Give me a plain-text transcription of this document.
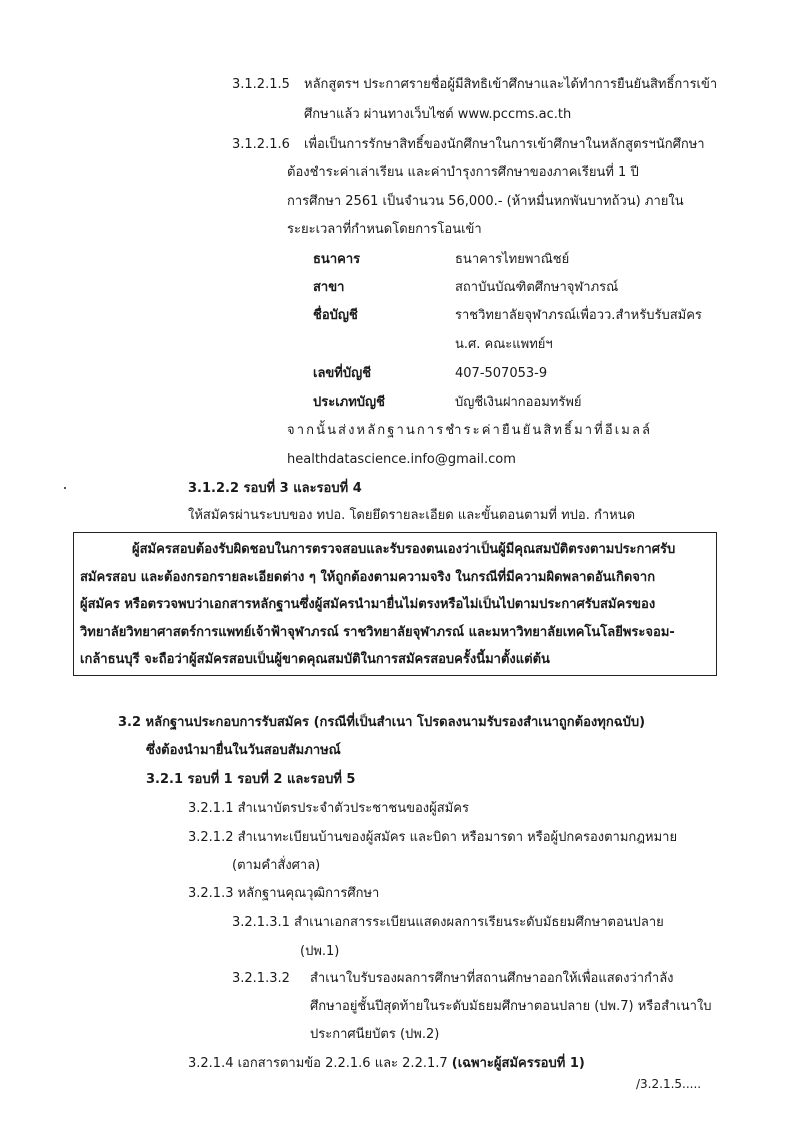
3.1.2.1.5 หลักสูตรฯ ประกาศรายชื่อผู้มีสิทธิเข้าศึกษาและได้ทำการยืนยันสิทธิ์การเข้า
ศึกษาแล้ว ผ่านทางเว็บไซต์ www.pccms.ac.th
3.1.2.1.6 เพื่อเป็นการรักษาสิทธิ์ของนักศึกษาในการเข้าศึกษาในหลักสูตรฯนักศึกษา
ต้องชำระค่าเล่าเรียน และค่าบำรุงการศึกษาของภาคเรียนที่ 1 ปี
การศึกษา 2561 เป็นจำนวน 56,000.- (ห้าหมื่นหกพันบาทถ้วน) ภายใน
ระยะเวลาที่กำหนดโดยการโอนเข้า
ธนาคาร	ธนาคารไทยพาณิชย์
สาขา	สถาบันบัณฑิตศึกษาจุฬาภรณ์
ชื่อบัญชี	ราชวิทยาลัยจุฬาภรณ์เพื่อวว.สำหรับรับสมัคร
น.ศ. คณะแพทย์ฯ
เลขที่บัญชี	407-507053-9
ประเภทบัญชี	บัญชีเงินฝากออมทรัพย์
จากนั้นส่งหลักฐานการชำระค่ายืนยันสิทธิ์มาที่อีเมลล์
healthdatascience.info@gmail.com
3.1.2.2 รอบที่ 3 และรอบที่ 4
ให้สมัครผ่านระบบของ ทปอ. โดยยึดรายละเอียด และขั้นตอนตามที่ ทปอ. กำหนด
ผู้สมัครสอบต้องรับผิดชอบในการตรวจสอบและรับรองตนเองว่าเป็นผู้มีคุณสมบัติตรงตามประกาศรับ
สมัครสอบ และต้องกรอกรายละเอียดต่าง ๆ ให้ถูกต้องตามความจริง ในกรณีที่มีความผิดพลาดอันเกิดจาก
ผู้สมัคร หรือตรวจพบว่าเอกสารหลักฐานซึ่งผู้สมัครนำมายื่นไม่ตรงหรือไม่เป็นไปตามประกาศรับสมัครของ
วิทยาลัยวิทยาศาสตร์การแพทย์เจ้าฟ้าจุฬาภรณ์ ราชวิทยาลัยจุฬาภรณ์ และมหาวิทยาลัยเทคโนโลยีพระจอม-
เกล้าธนบุรี จะถือว่าผู้สมัครสอบเป็นผู้ขาดคุณสมบัติในการสมัครสอบครั้งนี้มาตั้งแต่ต้น
3.2 หลักฐานประกอบการรับสมัคร (กรณีที่เป็นสำเนา โปรดลงนามรับรองสำเนาถูกต้องทุกฉบับ)
ซึ่งต้องนำมายื่นในวันสอบสัมภาษณ์
3.2.1 รอบที่ 1 รอบที่ 2 และรอบที่ 5
3.2.1.1 สำเนาบัตรประจำตัวประชาชนของผู้สมัคร
3.2.1.2 สำเนาทะเบียนบ้านของผู้สมัคร และบิดา หรือมารดา หรือผู้ปกครองตามกฎหมาย
(ตามคำสั่งศาล)
3.2.1.3 หลักฐานคุณวุฒิการศึกษา
3.2.1.3.1 สำเนาเอกสารระเบียนแสดงผลการเรียนระดับมัธยมศึกษาตอนปลาย
(ปพ.1)
3.2.1.3.2 สำเนาใบรับรองผลการศึกษาที่สถานศึกษาออกให้เพื่อแสดงว่ากำลัง
ศึกษาอยู่ชั้นปีสุดท้ายในระดับมัธยมศึกษาตอนปลาย (ปพ.7) หรือสำเนาใบ
ประกาศนียบัตร (ปพ.2)
3.2.1.4 เอกสารตามข้อ 2.2.1.6 และ 2.2.1.7 (เฉพาะผู้สมัครรอบที่ 1)
/3.2.1.5.....
